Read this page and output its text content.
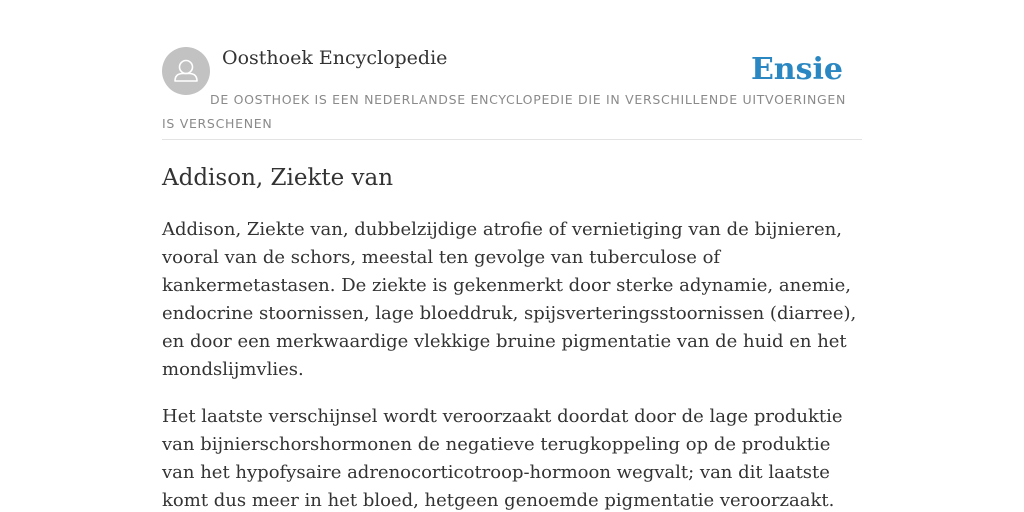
Oosthoek Encyclopedie	Ensie
DE OOSTHOEK IS EEN NEDERLANDSE ENCYCLOPEDIE DIE IN VERSCHILLENDE UITVOERINGEN IS VERSCHENEN
Addison, Ziekte van

Addison, Ziekte van, dubbelzijdige atrofie of vernietiging van de bijnieren, vooral van de schors, meestal ten gevolge van tuberculose of kankermetastasen. De ziekte is gekenmerkt door sterke adynamie, anemie, endocrine stoornissen, lage bloeddruk, spijsverteringsstoornissen (diarree), en door een merkwaardige vlekkige bruine pigmentatie van de huid en het mondslijmvlies.

Het laatste verschijnsel wordt veroorzaakt doordat door de lage produktie van bijnierschorshormonen de negatieve terugkoppeling op de produktie van het hypofysaire adrenocorticotroop-hormoon wegvalt; van dit laatste komt dus meer in het bloed, hetgeen genoemde pigmentatie veroorzaakt.
